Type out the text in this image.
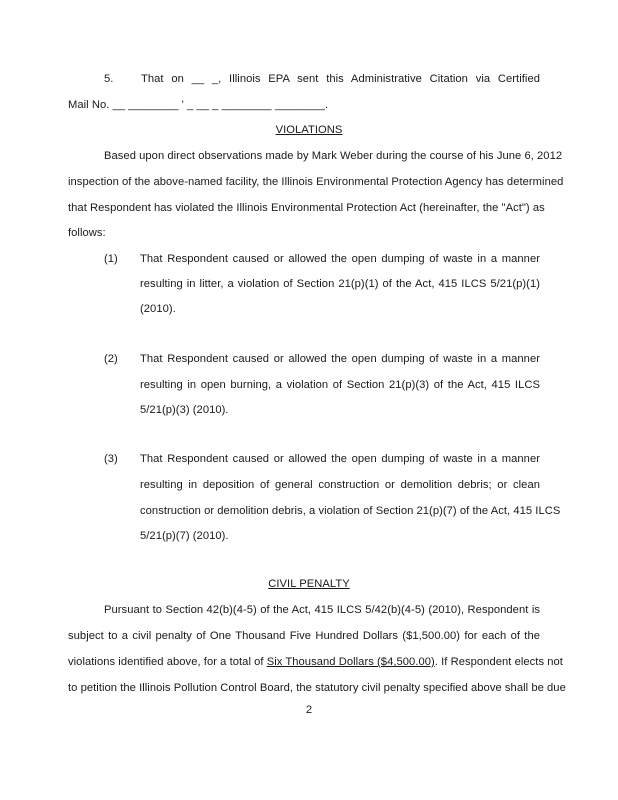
5. That on __ _, Illinois EPA sent this Administrative Citation via Certified
Mail No. __ ________ ' _ __ _ ________ ________.
VIOLATIONS
Based upon direct observations made by Mark Weber during the course of his June 6, 2012
inspection of the above-named facility, the Illinois Environmental Protection Agency has determined
that Respondent has violated the Illinois Environmental Protection Act (hereinafter, the "Act") as
follows:
(1) That Respondent caused or allowed the open dumping of waste in a manner
resulting in litter, a violation of Section 21(p)(1) of the Act, 415 ILCS 5/21(p)(1)
(2010).
(2) That Respondent caused or allowed the open dumping of waste in a manner
resulting in open burning, a violation of Section 21(p)(3) of the Act, 415 ILCS
5/21(p)(3) (2010).
(3) That Respondent caused or allowed the open dumping of waste in a manner
resulting in deposition of general construction or demolition debris; or clean
construction or demolition debris, a violation of Section 21(p)(7) of the Act, 415 ILCS
5/21(p)(7) (2010).
CIVIL PENALTY
Pursuant to Section 42(b)(4-5) of the Act, 415 ILCS 5/42(b)(4-5) (2010), Respondent is
subject to a civil penalty of One Thousand Five Hundred Dollars ($1,500.00) for each of the
violations identified above, for a total of Six Thousand Dollars ($4,500.00). If Respondent elects not
to petition the Illinois Pollution Control Board, the statutory civil penalty specified above shall be due
2
